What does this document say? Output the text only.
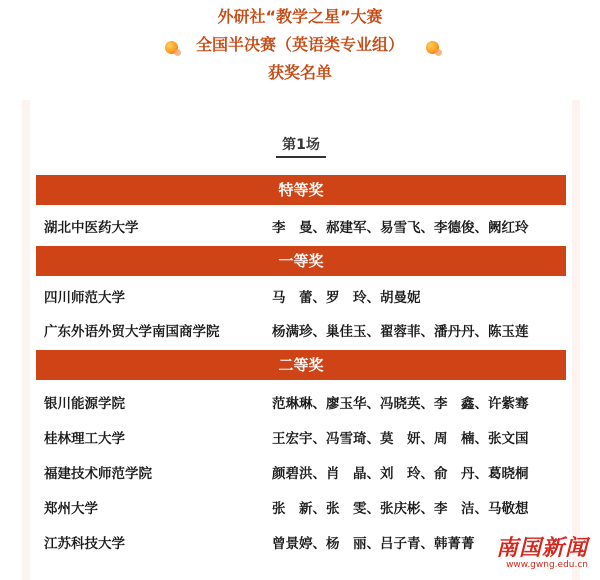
外研社“教学之星”大赛
全国半决赛（英语类专业组）
获奖名单
第1场
特等奖
湖北中医药大学	李　曼、郝建军、易雪飞、李德俊、阙红玲
一等奖
四川师范大学	马　蕾、罗　玲、胡曼妮
广东外语外贸大学南国商学院	杨满珍、巢佳玉、翟蓉菲、潘丹丹、陈玉莲
二等奖
银川能源学院	范琳琳、廖玉华、冯晓英、李　鑫、许紫骞
桂林理工大学	王宏宇、冯雪琦、莫　妍、周　楠、张文国
福建技术师范学院	颜碧洪、肖　晶、刘　玲、俞　丹、葛晓桐
郑州大学	张　新、张　雯、张庆彬、李　洁、马敬想
江苏科技大学	曾景婷、杨　丽、吕子青、韩菁菁 南国新闻
www.gwng.edu.cn
